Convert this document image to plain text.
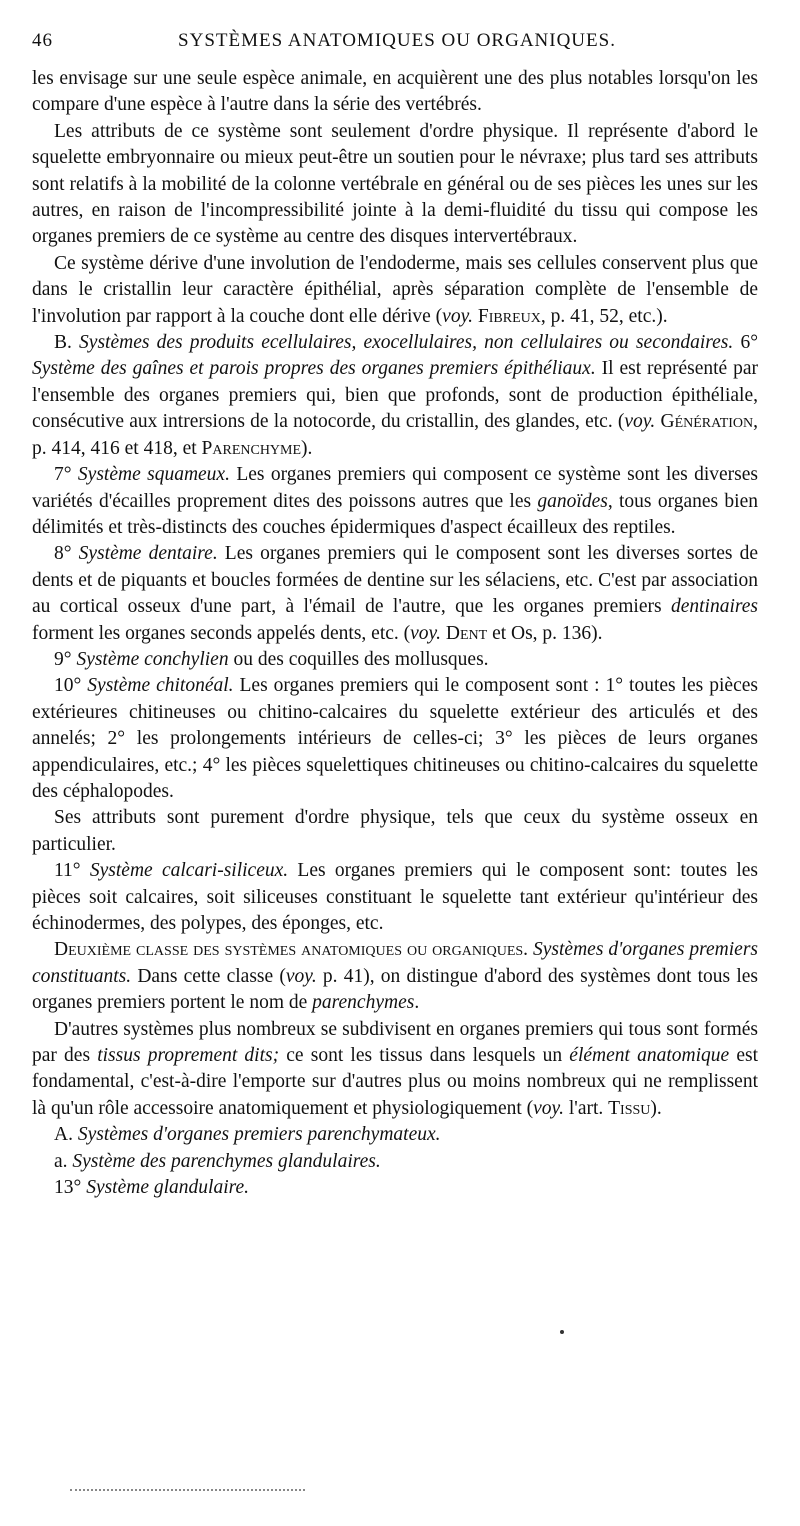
46	SYSTÈMES ANATOMIQUES OU ORGANIQUES.

les envisage sur une seule espèce animale, en acquièrent une des plus notables lorsqu'on les compare d'une espèce à l'autre dans la série des vertébrés.

Les attributs de ce système sont seulement d'ordre physique. Il représente d'abord le squelette embryonnaire ou mieux peut-être un soutien pour le névraxe; plus tard ses attributs sont relatifs à la mobilité de la colonne vertébrale en général ou de ses pièces les unes sur les autres, en raison de l'incompressibilité jointe à la demi-fluidité du tissu qui compose les organes premiers de ce système au centre des disques intervertébraux.

Ce système dérive d'une involution de l'endoderme, mais ses cellules conservent plus que dans le cristallin leur caractère épithélial, après séparation complète de l'ensemble de l'involution par rapport à la couche dont elle dérive (voy. Fibreux, p. 41, 52, etc.).

B. Systèmes des produits ecellulaires, exocellulaires, non cellulaires ou secondaires. 6° Système des gaînes et parois propres des organes premiers épithéliaux. Il est représenté par l'ensemble des organes premiers qui, bien que profonds, sont de production épithéliale, consécutive aux intrersions de la notocorde, du cristallin, des glandes, etc. (voy. Génération, p. 414, 416 et 418, et Parenchyme).

7° Système squameux. Les organes premiers qui composent ce système sont les diverses variétés d'écailles proprement dites des poissons autres que les ganoïdes, tous organes bien délimités et très-distincts des couches épidermiques d'aspect écailleux des reptiles.

8° Système dentaire. Les organes premiers qui le composent sont les diverses sortes de dents et de piquants et boucles formées de dentine sur les sélaciens, etc. C'est par association au cortical osseux d'une part, à l'émail de l'autre, que les organes premiers dentinaires forment les organes seconds appelés dents, etc. (voy. Dent et Os, p. 136).

9° Système conchylien ou des coquilles des mollusques.

10° Système chitonéal. Les organes premiers qui le composent sont : 1° toutes les pièces extérieures chitineuses ou chitino-calcaires du squelette extérieur des articulés et des annelés; 2° les prolongements intérieurs de celles-ci; 3° les pièces de leurs organes appendiculaires, etc.; 4° les pièces squelettiques chitineuses ou chitino-calcaires du squelette des céphalopodes.

Ses attributs sont purement d'ordre physique, tels que ceux du système osseux en particulier.

11° Système calcari-siliceux. Les organes premiers qui le composent sont: toutes les pièces soit calcaires, soit siliceuses constituant le squelette tant extérieur qu'intérieur des échinodermes, des polypes, des éponges, etc.

Deuxième classe des systèmes anatomiques ou organiques. Systèmes d'organes premiers constituants. Dans cette classe (voy. p. 41), on distingue d'abord des systèmes dont tous les organes premiers portent le nom de parenchymes.

D'autres systèmes plus nombreux se subdivisent en organes premiers qui tous sont formés par des tissus proprement dits; ce sont les tissus dans lesquels un élément anatomique est fondamental, c'est-à-dire l'emporte sur d'autres plus ou moins nombreux qui ne remplissent là qu'un rôle accessoire anatomiquement et physiologiquement (voy. l'art. Tissu).

A. Systèmes d'organes premiers parenchymateux.

a. Système des parenchymes glandulaires.

13° Système glandulaire.
